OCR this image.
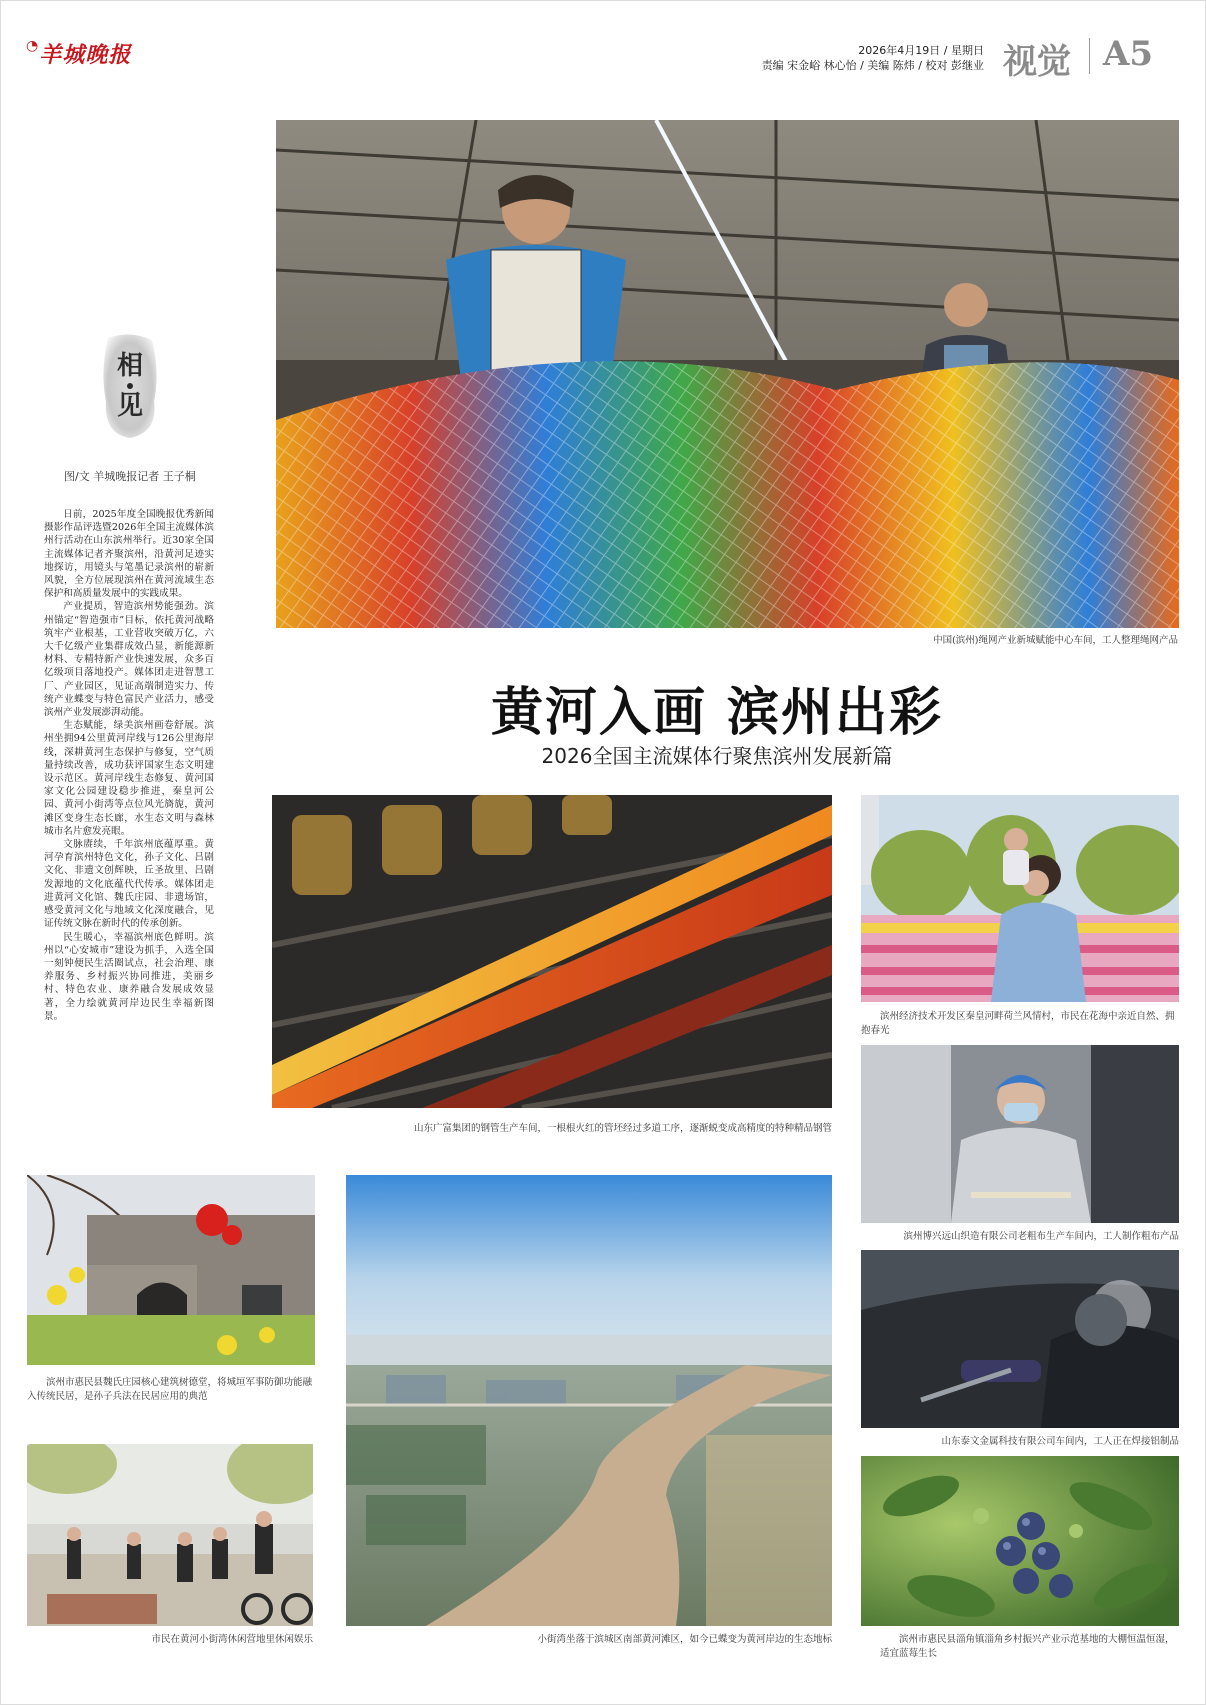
◔羊城晚报	2026年4月19日 / 星期日
责编 宋金峪 林心怡 / 美编 陈炜 / 校对 彭继业 视觉 A5
相
见
图/文 羊城晚报记者 王子桐

日前，2025年度全国晚报优秀新闻摄影作品评选暨2026年全国主流媒体滨州行活动在山东滨州举行。近30家全国主流媒体记者齐聚滨州，沿黄河足迹实地探访，用镜头与笔墨记录滨州的崭新风貌，全方位展现滨州在黄河流域生态保护和高质量发展中的实践成果。

产业提质，智造滨州势能强劲。滨州锚定“智造强市”目标，依托黄河战略筑牢产业根基，工业营收突破万亿，六大千亿级产业集群成效凸显，新能源新材料、专精特新产业快速发展，众多百亿级项目落地投产。媒体团走进智慧工厂、产业园区，见证高端制造实力、传统产业蝶变与特色富民产业活力，感受滨州产业发展澎湃动能。

生态赋能，绿美滨州画卷舒展。滨州坐拥94公里黄河岸线与126公里海岸线，深耕黄河生态保护与修复，空气质量持续改善，成功获评国家生态文明建设示范区。黄河岸线生态修复、黄河国家文化公园建设稳步推进，秦皇河公园、黄河小街湾等点位风光旖旎，黄河滩区变身生态长廊，水生态文明与森林城市名片愈发亮眼。

文脉赓续，千年滨州底蕴厚重。黄河孕育滨州特色文化，孙子文化、吕剧文化、非遗文创辉映，丘圣故里、吕剧发源地的文化底蕴代代传承。媒体团走进黄河文化馆、魏氏庄园、非遗场馆，感受黄河文化与地域文化深度融合，见证传统文脉在新时代的传承创新。

民生暖心，幸福滨州底色鲜明。滨州以“心安城市”建设为抓手，入选全国一刻钟便民生活圈试点，社会治理、康养服务、乡村振兴协同推进，美丽乡村、特色农业、康养融合发展成效显著，全力绘就黄河岸边民生幸福新图景。

中国(滨州)绳网产业新城赋能中心车间，工人整理绳网产品
黄河入画 滨州出彩
2026全国主流媒体行聚焦滨州发展新篇
山东广富集团的钢管生产车间，一根根火红的管坯经过多道工序，逐渐蜕变成高精度的特种精品钢管
滨州经济技术开发区秦皇河畔荷兰风情村，市民在花海中亲近自然、拥抱春光
滨州博兴远山织造有限公司老粗布生产车间内，工人制作粗布产品
山东泰文金属科技有限公司车间内，工人正在焊接铝制品
滨州市惠民县淄角镇淄角乡村振兴产业示范基地的大棚恒温恒湿，适宜蓝莓生长
滨州市惠民县魏氏庄园核心建筑树德堂，将城垣军事防御功能融入传统民居，是孙子兵法在民居应用的典范
小街湾坐落于滨城区南部黄河滩区，如今已蝶变为黄河岸边的生态地标
市民在黄河小街湾休闲营地里休闲娱乐
